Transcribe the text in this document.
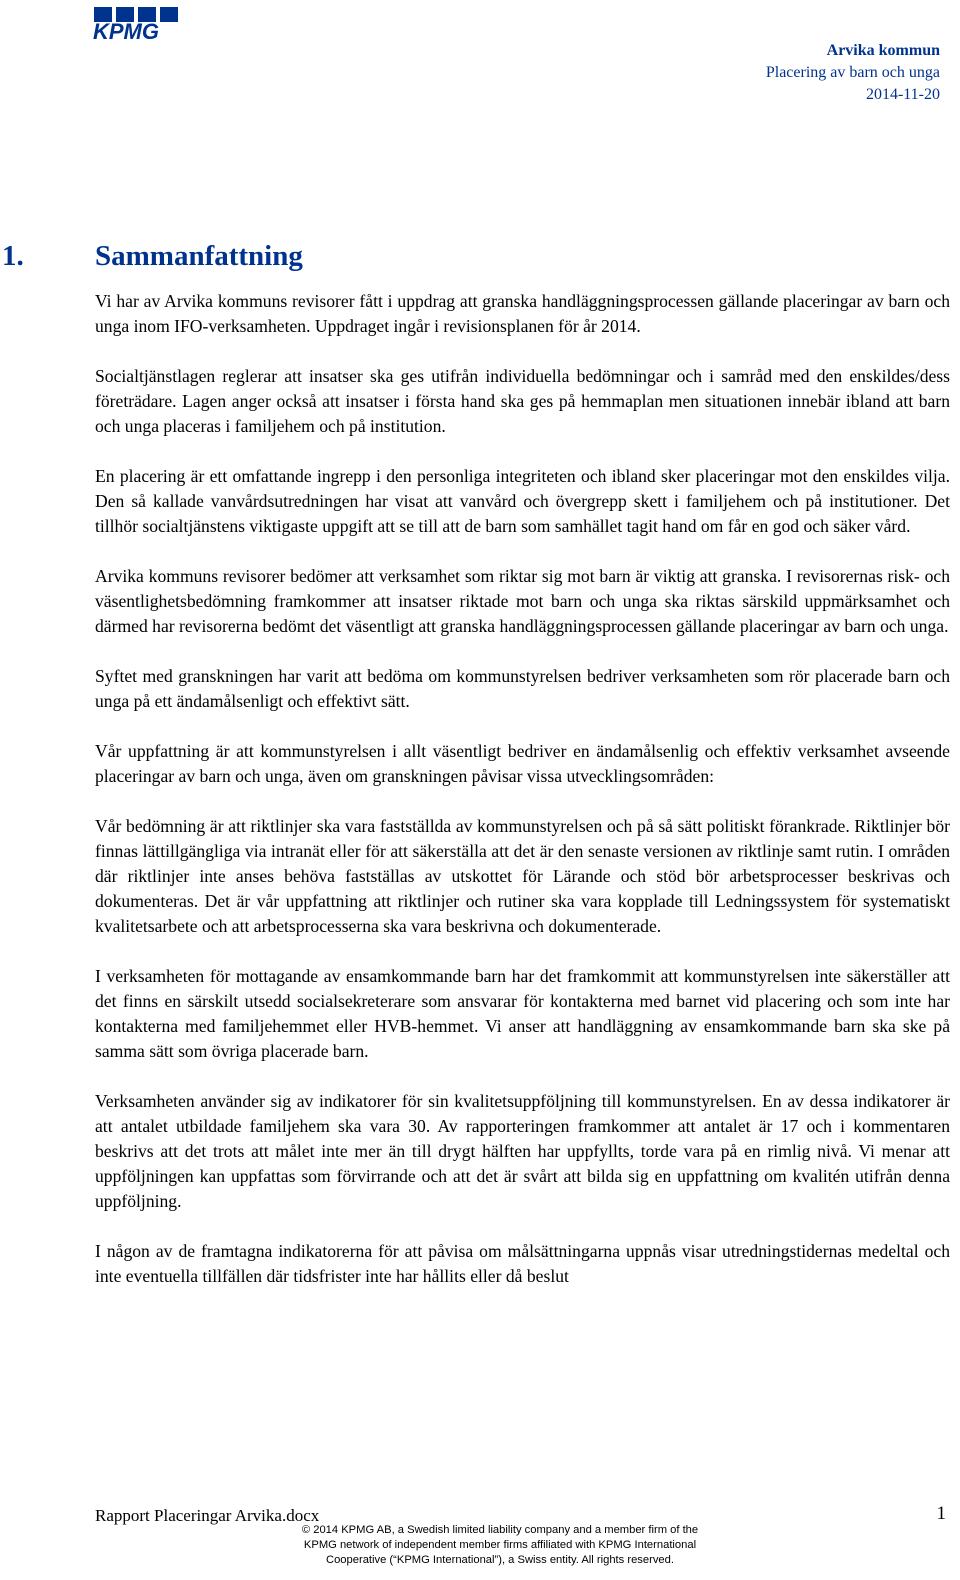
KPMG
Arvika kommun
Placering av barn och unga
2014-11-20
1. Sammanfattning

Vi har av Arvika kommuns revisorer fått i uppdrag att granska handläggningsprocessen gällande placeringar av barn och unga inom IFO-verksamheten. Uppdraget ingår i revisionsplanen för år 2014.

Socialtjänstlagen reglerar att insatser ska ges utifrån individuella bedömningar och i samråd med den enskildes/dess företrädare. Lagen anger också att insatser i första hand ska ges på hemmaplan men situationen innebär ibland att barn och unga placeras i familjehem och på institution.

En placering är ett omfattande ingrepp i den personliga integriteten och ibland sker placeringar mot den enskildes vilja. Den så kallade vanvårdsutredningen har visat att vanvård och övergrepp skett i familjehem och på institutioner. Det tillhör socialtjänstens viktigaste uppgift att se till att de barn som samhället tagit hand om får en god och säker vård.

Arvika kommuns revisorer bedömer att verksamhet som riktar sig mot barn är viktig att granska. I revisorernas risk- och väsentlighetsbedömning framkommer att insatser riktade mot barn och unga ska riktas särskild uppmärksamhet och därmed har revisorerna bedömt det väsentligt att granska handläggningsprocessen gällande placeringar av barn och unga.

Syftet med granskningen har varit att bedöma om kommunstyrelsen bedriver verksamheten som rör placerade barn och unga på ett ändamålsenligt och effektivt sätt.

Vår uppfattning är att kommunstyrelsen i allt väsentligt bedriver en ändamålsenlig och effektiv verksamhet avseende placeringar av barn och unga, även om granskningen påvisar vissa utvecklingsområden:

Vår bedömning är att riktlinjer ska vara fastställda av kommunstyrelsen och på så sätt politiskt förankrade. Riktlinjer bör finnas lättillgängliga via intranät eller för att säkerställa att det är den senaste versionen av riktlinje samt rutin. I områden där riktlinjer inte anses behöva fastställas av utskottet för Lärande och stöd bör arbetsprocesser beskrivas och dokumenteras. Det är vår uppfattning att riktlinjer och rutiner ska vara kopplade till Ledningssystem för systematiskt kvalitetsarbete och att arbetsprocesserna ska vara beskrivna och dokumenterade.

I verksamheten för mottagande av ensamkommande barn har det framkommit att kommunstyrelsen inte säkerställer att det finns en särskilt utsedd socialsekreterare som ansvarar för kontakterna med barnet vid placering och som inte har kontakterna med familjehemmet eller HVB-hemmet. Vi anser att handläggning av ensamkommande barn ska ske på samma sätt som övriga placerade barn.

Verksamheten använder sig av indikatorer för sin kvalitetsuppföljning till kommunstyrelsen. En av dessa indikatorer är att antalet utbildade familjehem ska vara 30. Av rapporteringen framkommer att antalet är 17 och i kommentaren beskrivs att det trots att målet inte mer än till drygt hälften har uppfyllts, torde vara på en rimlig nivå. Vi menar att uppföljningen kan uppfattas som förvirrande och att det är svårt att bilda sig en uppfattning om kvalitén utifrån denna uppföljning.

I någon av de framtagna indikatorerna för att påvisa om målsättningarna uppnås visar utredningstidernas medeltal och inte eventuella tillfällen där tidsfrister inte har hållits eller då beslut

Rapport Placeringar Arvika.docx	1
© 2014 KPMG AB, a Swedish limited liability company and a member firm of the
KPMG network of independent member firms affiliated with KPMG International
Cooperative (“KPMG International”), a Swiss entity. All rights reserved.
